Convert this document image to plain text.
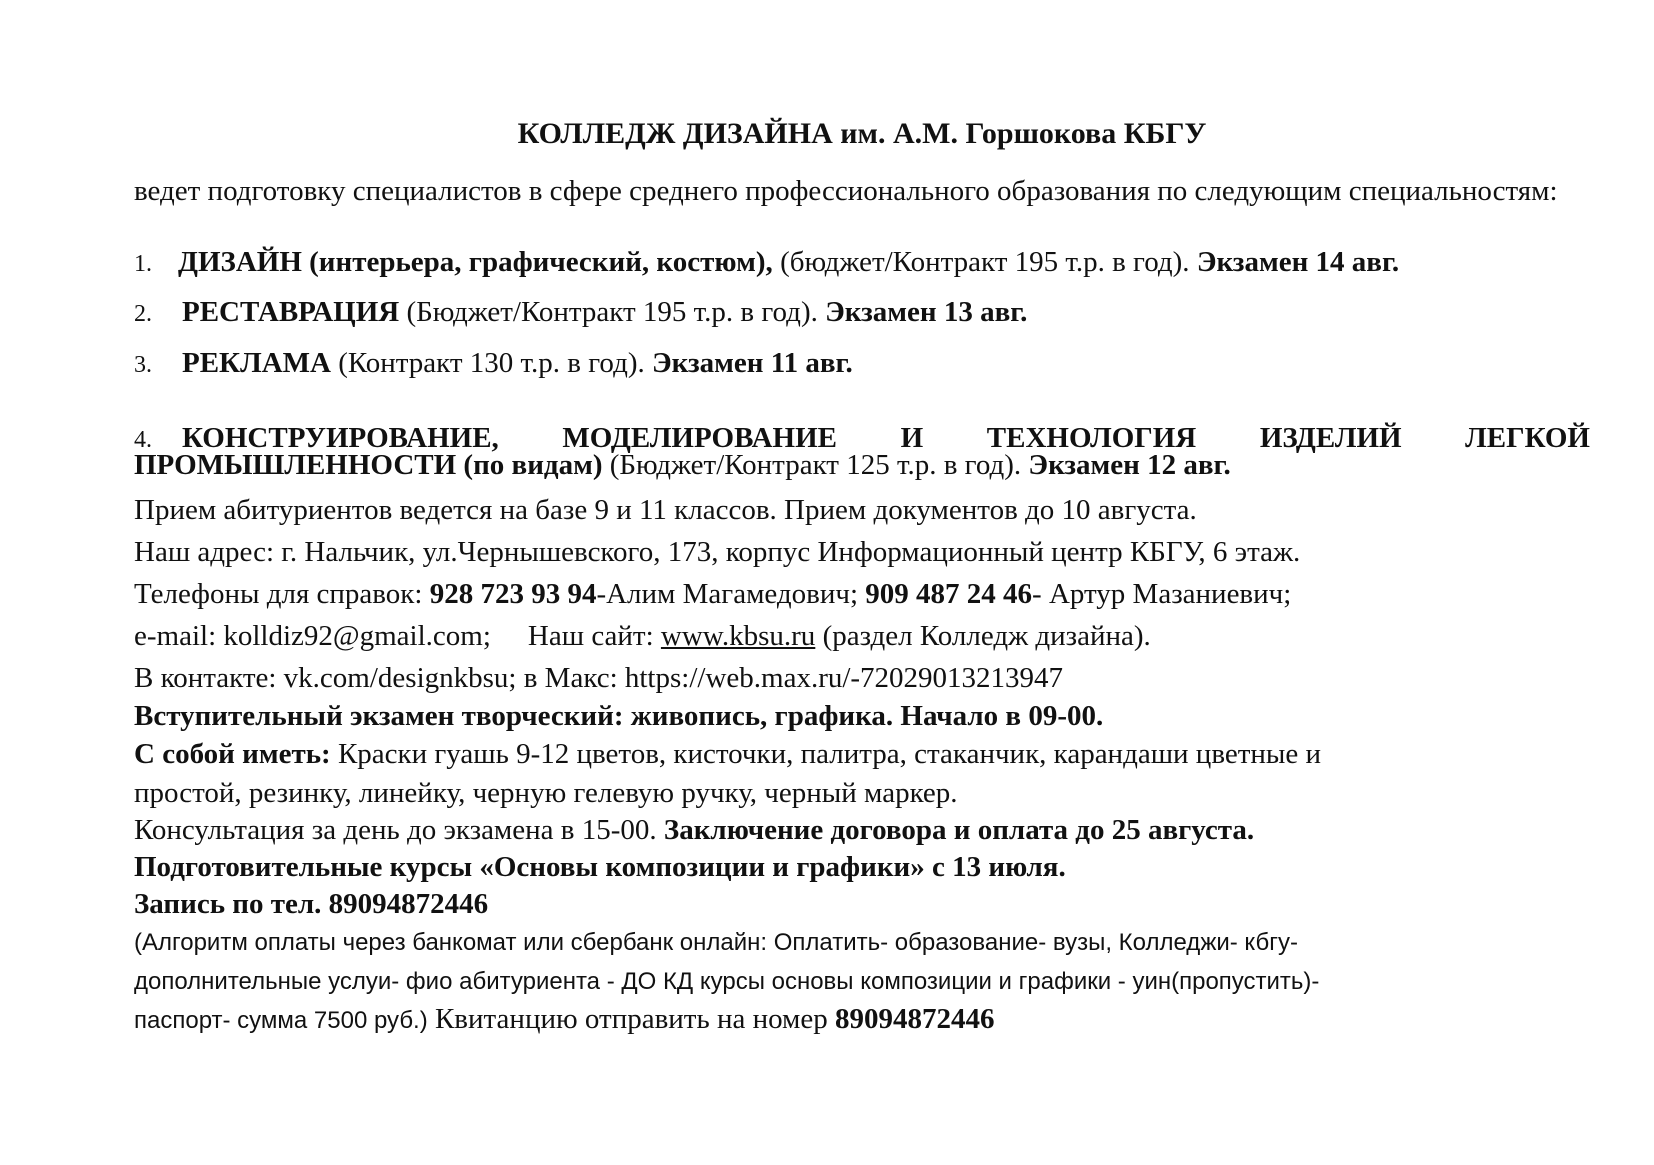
КОЛЛЕДЖ ДИЗАЙНА им. А.М. Горшокова КБГУ
ведет подготовку специалистов в сфере среднего профессионального образования по следующим специальностям:
1. ДИЗАЙН (интерьера, графический, костюм), (бюджет/Контракт 195 т.р. в год). Экзамен 14 авг.
2. РЕСТАВРАЦИЯ (Бюджет/Контракт 195 т.р. в год). Экзамен 13 авг.
3. РЕКЛАМА (Контракт 130 т.р. в год). Экзамен 11 авг.
4. КОНСТРУИРОВАНИЕ, МОДЕЛИРОВАНИЕ И ТЕХНОЛОГИЯ ИЗДЕЛИЙ ЛЕГКОЙ
ПРОМЫШЛЕННОСТИ (по видам) (Бюджет/Контракт 125 т.р. в год). Экзамен 12 авг.
Прием абитуриентов ведется на базе 9 и 11 классов. Прием документов до 10 августа.
Наш адрес: г. Нальчик, ул.Чернышевского, 173, корпус Информационный центр КБГУ, 6 этаж.
Телефоны для справок: 928 723 93 94-Алим Магамедович; 909 487 24 46- Артур Мазаниевич;
e-mail: kolldiz92@gmail.com; Наш сайт: www.kbsu.ru (раздел Колледж дизайна).
В контакте: vk.com/designkbsu; в Макс: https://web.max.ru/-72029013213947
Вступительный экзамен творческий: живопись, графика. Начало в 09-00.
С собой иметь: Краски гуашь 9-12 цветов, кисточки, палитра, стаканчик, карандаши цветные и
простой, резинку, линейку, черную гелевую ручку, черный маркер.
Консультация за день до экзамена в 15-00. Заключение договора и оплата до 25 августа.
Подготовительные курсы «Основы композиции и графики» с 13 июля.
Запись по тел. 89094872446
(Алгоритм оплаты через банкомат или сбербанк онлайн: Оплатить- образование- вузы, Колледжи- кбгу-
дополнительные услуи- фио абитуриента - ДО КД курсы основы композиции и графики - уин(пропустить)-
паспорт- сумма 7500 руб.) Квитанцию отправить на номер 89094872446
